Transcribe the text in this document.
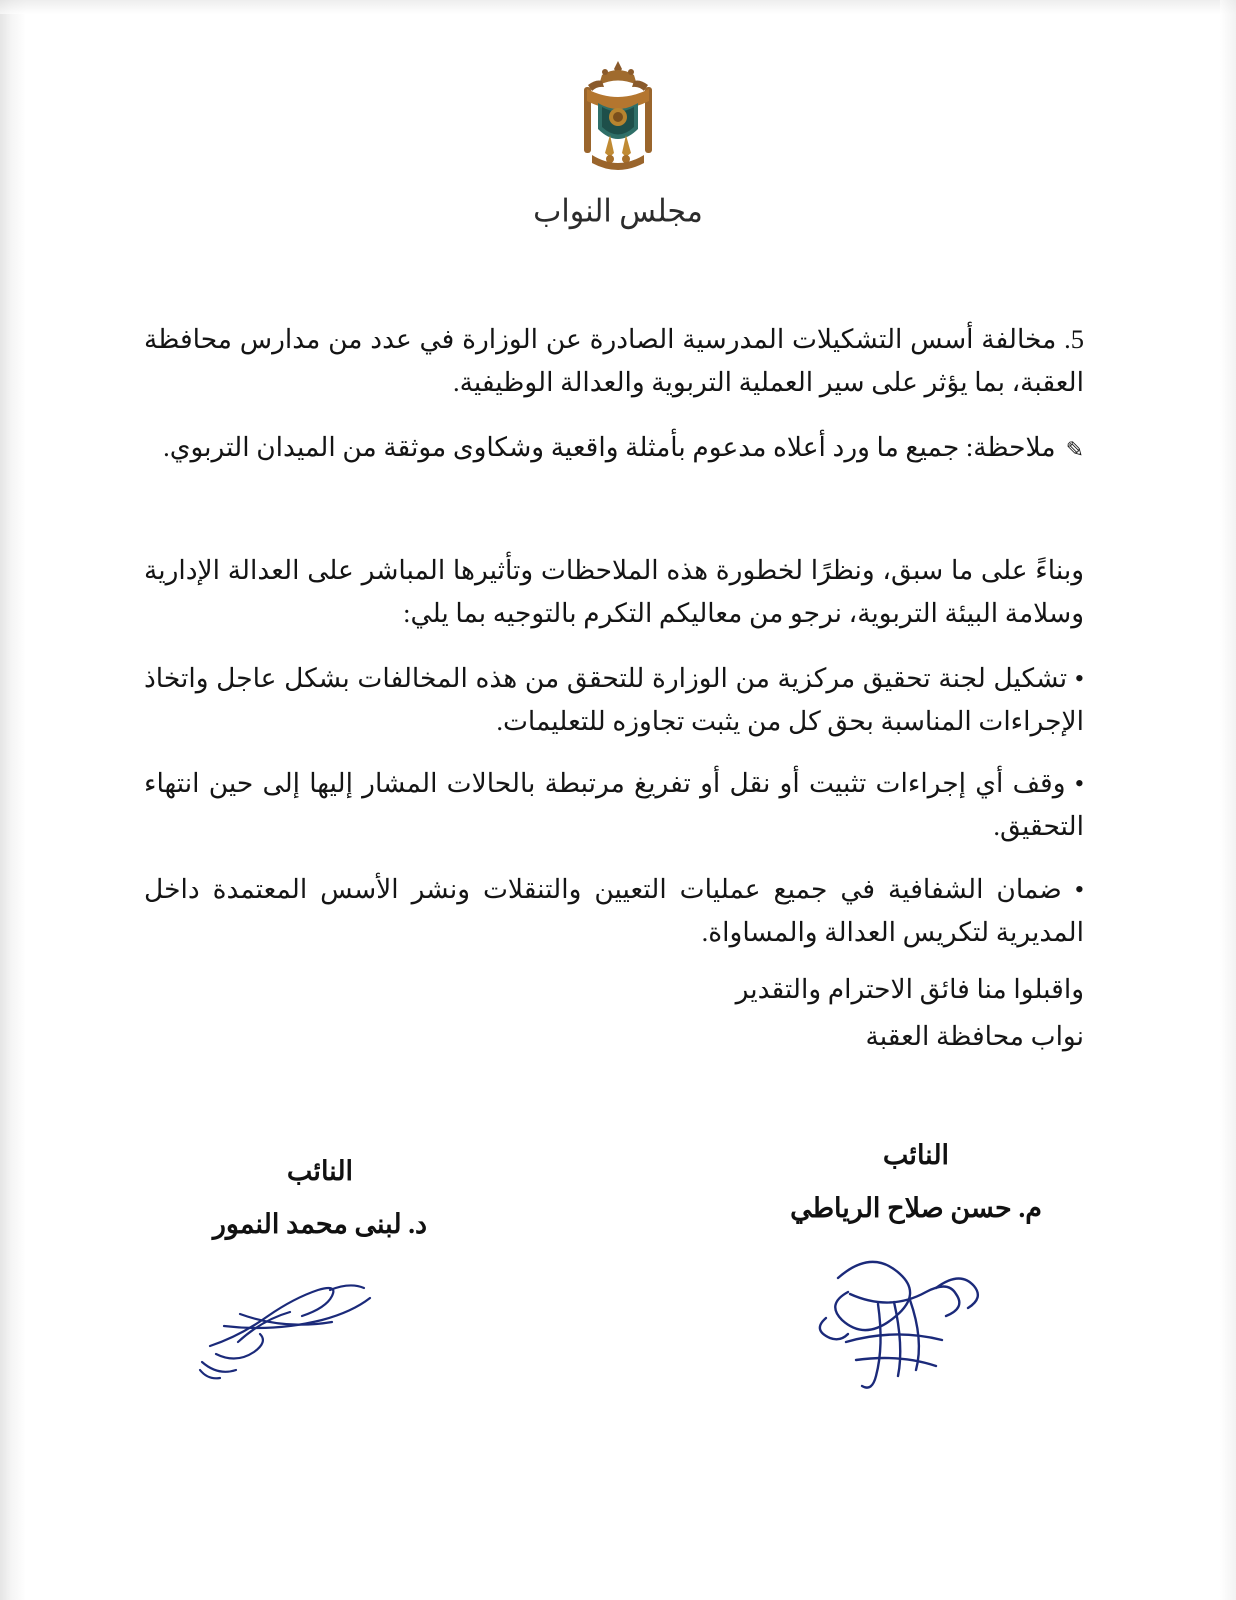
مجلس النواب

5. مخالفة أسس التشكيلات المدرسية الصادرة عن الوزارة في عدد من مدارس محافظة العقبة، بما يؤثر على سير العملية التربوية والعدالة الوظيفية.

✎

ملاحظة: جميع ما ورد أعلاه مدعوم بأمثلة واقعية وشكاوى موثقة من الميدان التربوي.

وبناءً على ما سبق، ونظرًا لخطورة هذه الملاحظات وتأثيرها المباشر على العدالة الإدارية وسلامة البيئة التربوية، نرجو من معاليكم التكرم بالتوجيه بما يلي:

• تشكيل لجنة تحقيق مركزية من الوزارة للتحقق من هذه المخالفات بشكل عاجل واتخاذ الإجراءات المناسبة بحق كل من يثبت تجاوزه للتعليمات.

• وقف أي إجراءات تثبيت أو نقل أو تفريغ مرتبطة بالحالات المشار إليها إلى حين انتهاء التحقيق.

• ضمان الشفافية في جميع عمليات التعيين والتنقلات ونشر الأسس المعتمدة داخل المديرية لتكريس العدالة والمساواة.

واقبلوا منا فائق الاحترام والتقدير

نواب محافظة العقبة

النائب
م. حسن صلاح الرياطي
النائب
د. لبنى محمد النمور
